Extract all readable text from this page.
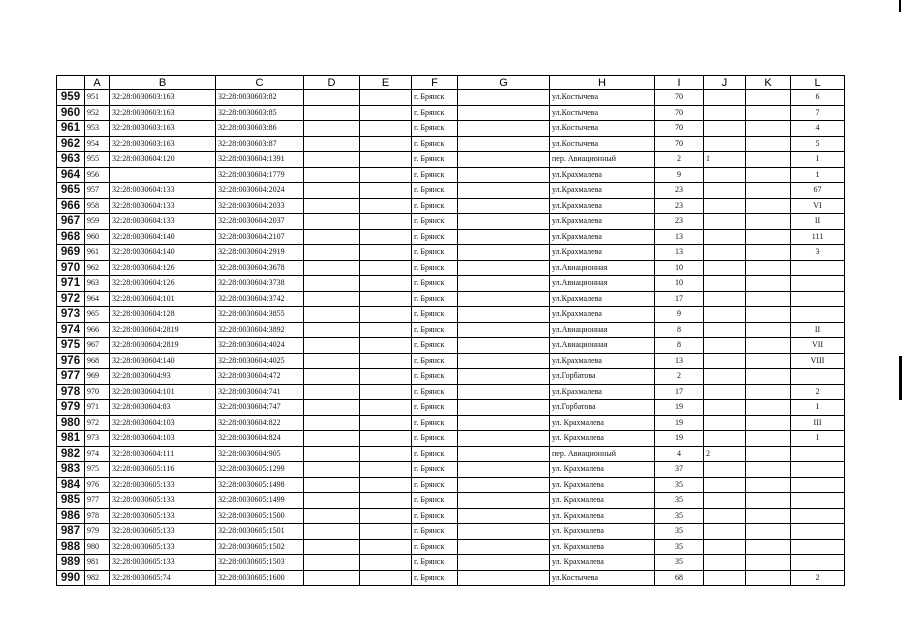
	A	B	C	D	E	F	G	H	I	J	K	L
959	951	32:28:0030603:163	32:28:0030603:82			г. Брянск		ул.Костычева	70			6
960	952	32:28:0030603:163	32:28:0030603:85			г. Брянск		ул.Костычева	70			7
961	953	32:28:0030603:163	32:28:0030603:86			г. Брянск		ул.Костычева	70			4
962	954	32:28:0030603:163	32:28:0030603:87			г. Брянск		ул.Костычева	70			5
963	955	32:28:0030604:120	32:28:0030604:1391			г. Брянск		пер. Авиационный	2	1		I
964	956		32:28:0030604:1779			г. Брянск		ул.Крахмалева	9			1
965	957	32:28:0030604:133	32:28:0030604:2024			г. Брянск		ул.Крахмалева	23			67
966	958	32:28:0030604:133	32:28:0030604:2033			г. Брянск		ул.Крахмалева	23			VI
967	959	32:28:0030604:133	32:28:0030604:2037			г. Брянск		ул.Крахмалева	23			II
968	960	32:28:0030604:140	32:28:0030604:2107			г. Брянск		ул.Крахмалева	13			111
969	961	32:28:0030604:140	32:28:0030604:2919			г. Брянск		ул.Крахмалева	13			3
970	962	32:28:0030604:126	32:28:0030604:3678			г. Брянск		ул.Авиационная	10			
971	963	32:28:0030604:126	32:28:0030604:3738			г. Брянск		ул.Авиационная	10			
972	964	32:28:0030604:101	32:28:0030604:3742			г. Брянск		ул.Крахмалева	17			
973	965	32:28:0030604:128	32:28:0030604:3855			г. Брянск		ул.Крахмалева	9			
974	966	32:28:0030604:2819	32:28:0030604:3892			г. Брянск		ул.Авиационная	8			II
975	967	32:28:0030604:2819	32:28:0030604:4024			г. Брянск		ул.Авиационная	8			VII
976	968	32:28:0030604:140	32:28:0030604:4025			г. Брянск		ул.Крахмалева	13			VIII
977	969	32:28:0030604:93	32:28:0030604:472			г. Брянск		ул.Горбатова	2			
978	970	32:28:0030604:101	32:28:0030604:741			г. Брянск		ул.Крахмалева	17			2
979	971	32:28:0030604:83	32:28:0030604:747			г. Брянск		ул.Горбатова	19			I
980	972	32:28:0030604:103	32:28:0030604:822			г. Брянск		ул. Крахмалева	19			III
981	973	32:28:0030604:103	32:28:0030604:824			г. Брянск		ул. Крахмалева	19			I
982	974	32:28:0030604:111	32:28:0030604:905			г. Брянск		пер. Авиационный	4	2		
983	975	32:28:0030605:116	32:28:0030605:1299			г. Брянск		ул. Крахмалева	37			
984	976	32:28:0030605:133	32:28:0030605:1498			г. Брянск		ул. Крахмалева	35			
985	977	32:28:0030605:133	32:28:0030605:1499			г. Брянск		ул. Крахмалева	35			
986	978	32:28:0030605:133	32:28:0030605:1500			г. Брянск		ул. Крахмалева	35			
987	979	32:28:0030605:133	32:28:0030605:1501			г. Брянск		ул. Крахмалева	35			
988	980	32:28:0030605:133	32:28:0030605:1502			г. Брянск		ул. Крахмалева	35			
989	981	32:28:0030605:133	32:28:0030605:1503			г. Брянск		ул. Крахмалева	35			
990	982	32:28:0030605:74	32:28:0030605:1600			г. Брянск		ул.Костычева	68			2
